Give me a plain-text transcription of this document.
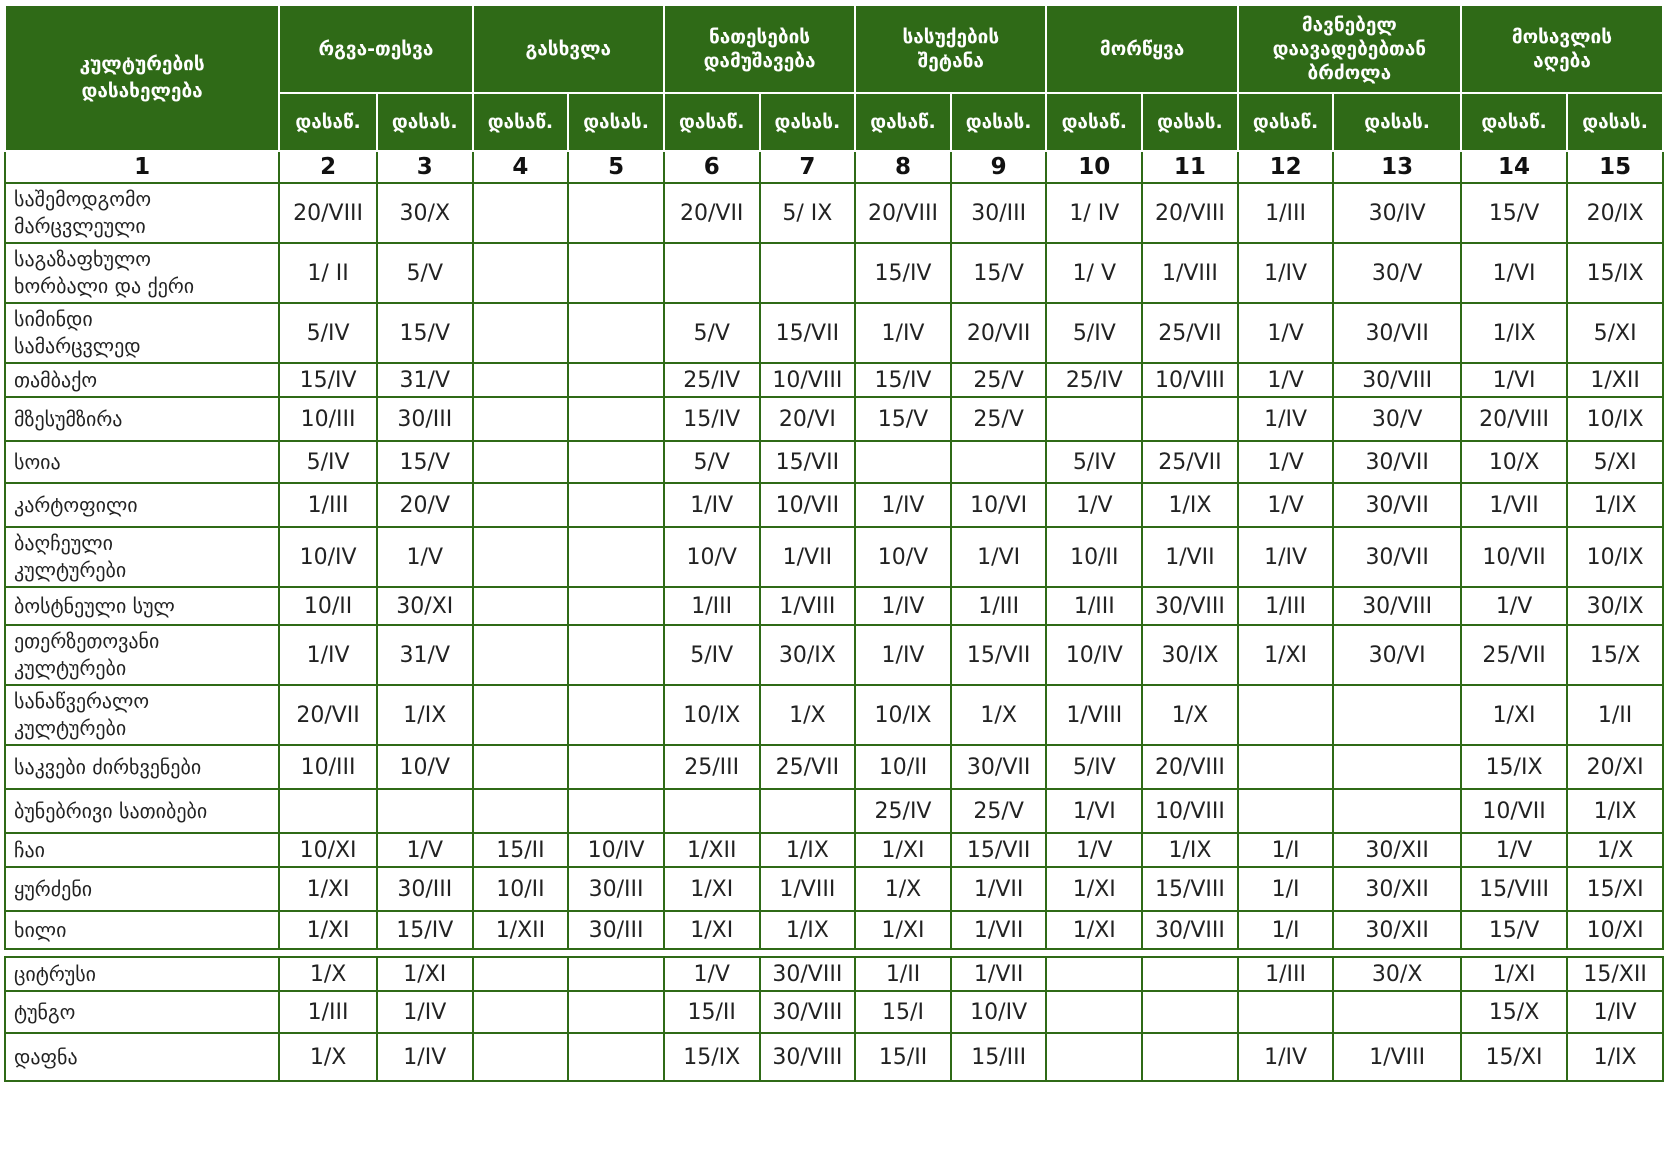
კულტურების
დასახელება	რგვა-თესვა		გასხვლა		ნათესების
დამუშავება		სასუქების
შეტანა		მორწყვა		მავნებელ
დაავადებებთან
ბრძოლა		მოსავლის
აღება	

	დასაწ.	დასას.	დასაწ.	დასას.	დასაწ.	დასას.	დასაწ.	დასას.	დასაწ.	დასას.	დასაწ.	დასას.	დასაწ.	დასას.
1	2	3	4	5	6	7	8	9	10	11	12	13	14	15

საშემოდგომო
მარცვლეული	20/VIII	30/X			20/VII	5/ IX	20/VIII	30/III	1/ IV	20/VIII	1/III	30/IV	15/V	20/IX

საგაზაფხულო
ხორბალი და ქერი	1/ II	5/V					15/IV	15/V	1/ V	1/VIII	1/IV	30/V	1/VI	15/IX

სიმინდი
სამარცვლედ	5/IV	15/V			5/V	15/VII	1/IV	20/VII	5/IV	25/VII	1/V	30/VII	1/IX	5/XI

თამბაქო	15/IV	31/V			25/IV	10/VIII	15/IV	25/V	25/IV	10/VIII	1/V	30/VIII	1/VI	1/XII

მზესუმზირა	10/III	30/III			15/IV	20/VI	15/V	25/V			1/IV	30/V	20/VIII	10/IX

სოია	5/IV	15/V			5/V	15/VII			5/IV	25/VII	1/V	30/VII	10/X	5/XI

კარტოფილი	1/III	20/V			1/IV	10/VII	1/IV	10/VI	1/V	1/IX	1/V	30/VII	1/VII	1/IX

ბაღჩეული
კულტურები	10/IV	1/V			10/V	1/VII	10/V	1/VI	10/II	1/VII	1/IV	30/VII	10/VII	10/IX

ბოსტნეული სულ	10/II	30/XI			1/III	1/VIII	1/IV	1/III	1/III	30/VIII	1/III	30/VIII	1/V	30/IX

ეთერზეთოვანი
კულტურები	1/IV	31/V			5/IV	30/IX	1/IV	15/VII	10/IV	30/IX	1/XI	30/VI	25/VII	15/X

სანაწვერალო
კულტურები	20/VII	1/IX			10/IX	1/X	10/IX	1/X	1/VIII	1/X			1/XI	1/II

საკვები ძირხვენები	10/III	10/V			25/III	25/VII	10/II	30/VII	5/IV	20/VIII			15/IX	20/XI

ბუნებრივი სათიბები							25/IV	25/V	1/VI	10/VIII			10/VII	1/IX

ჩაი	10/XI	1/V	15/II	10/IV	1/XII	1/IX	1/XI	15/VII	1/V	1/IX	1/I	30/XII	1/V	1/X

ყურძენი	1/XI	30/III	10/II	30/III	1/XI	1/VIII	1/X	1/VII	1/XI	15/VIII	1/I	30/XII	15/VIII	15/XI

ხილი	1/XI	15/IV	1/XII	30/III	1/XI	1/IX	1/XI	1/VII	1/XI	30/VIII	1/I	30/XII	15/V	10/XI

ციტრუსი	1/X	1/XI			1/V	30/VIII	1/II	1/VII			1/III	30/X	1/XI	15/XII

ტუნგო	1/III	1/IV			15/II	30/VIII	15/I	10/IV					15/X	1/IV

დაფნა	1/X	1/IV			15/IX	30/VIII	15/II	15/III			1/IV	1/VIII	15/XI	1/IX
